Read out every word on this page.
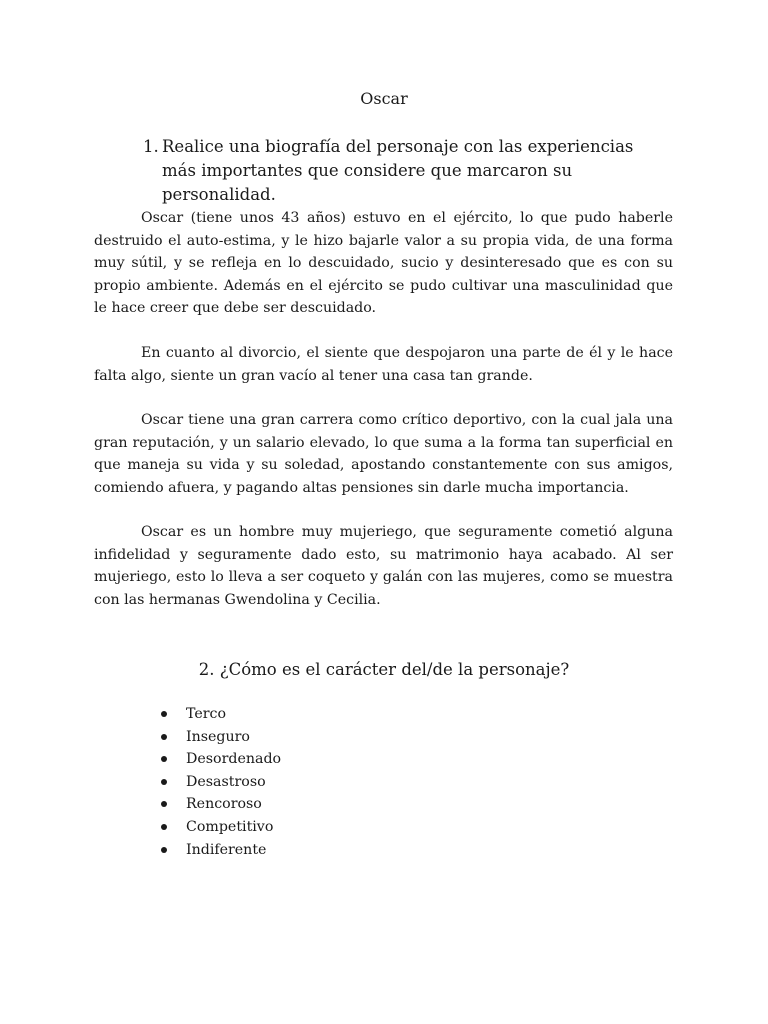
Oscar
1. Realice una biografía del personaje con las experiencias más importantes que considere que marcaron su personalidad.

Oscar (tiene unos 43 años) estuvo en el ejército, lo que pudo haberle destruido el auto-estima, y le hizo bajarle valor a su propia vida, de una forma muy sútil, y se refleja en lo descuidado, sucio y desinteresado que es con su propio ambiente. Además en el ejército se pudo cultivar una masculinidad que le hace creer que debe ser descuidado.

En cuanto al divorcio, el siente que despojaron una parte de él y le hace falta algo, siente un gran vacío al tener una casa tan grande.

Oscar tiene una gran carrera como crítico deportivo, con la cual jala una gran reputación, y un salario elevado, lo que suma a la forma tan superficial en que maneja su vida y su soledad, apostando constantemente con sus amigos, comiendo afuera, y pagando altas pensiones sin darle mucha importancia.

Oscar es un hombre muy mujeriego, que seguramente cometió alguna infidelidad y seguramente dado esto, su matrimonio haya acabado. Al ser mujeriego, esto lo lleva a ser coqueto y galán con las mujeres, como se muestra con las hermanas Gwendolina y Cecilia.

2. ¿Cómo es el carácter del/de la personaje?
Terco
Inseguro
Desordenado
Desastroso
Rencoroso
Competitivo
Indiferente
